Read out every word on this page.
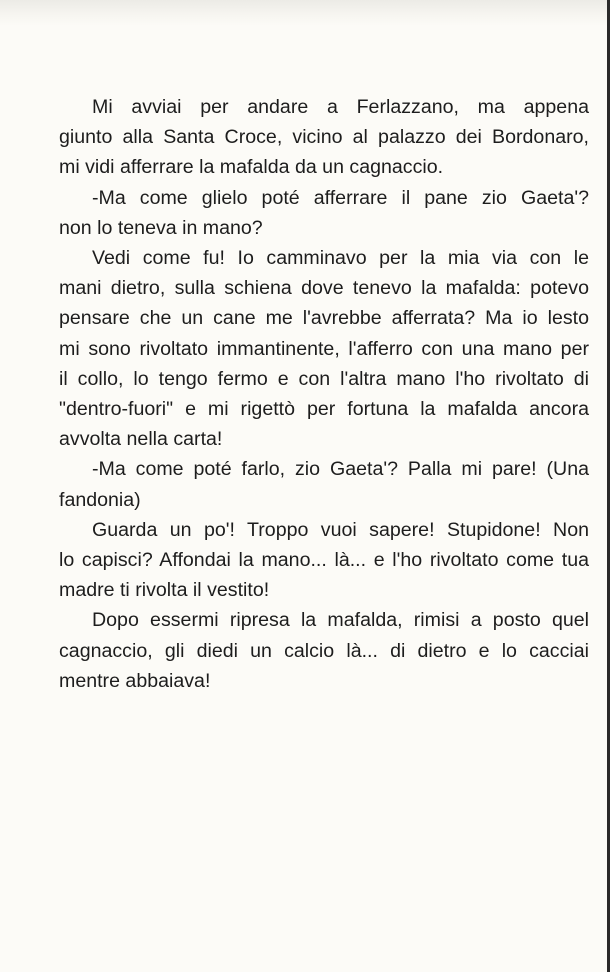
Mi avviai per andare a Ferlazzano, ma appena
giunto alla Santa Croce, vicino al palazzo dei Bordonaro,
mi vidi afferrare la mafalda da un cagnaccio.

-Ma come glielo poté afferrare il pane zio Gaeta'?
non lo teneva in mano?

Vedi come fu! Io camminavo per la mia via con le
mani dietro, sulla schiena dove tenevo la mafalda: potevo
pensare che un cane me l'avrebbe afferrata? Ma io lesto
mi sono rivoltato immantinente, l'afferro con una mano per
il collo, lo tengo fermo e con l'altra mano l'ho rivoltato di
"dentro-fuori" e mi rigettò per fortuna la mafalda ancora
avvolta nella carta!

-Ma come poté farlo, zio Gaeta'? Palla mi pare! (Una
fandonia)

Guarda un po'! Troppo vuoi sapere! Stupidone! Non
lo capisci? Affondai la mano... là... e l'ho rivoltato come tua
madre ti rivolta il vestito!

Dopo essermi ripresa la mafalda, rimisi a posto quel
cagnaccio, gli diedi un calcio là... di dietro e lo cacciai
mentre abbaiava!
